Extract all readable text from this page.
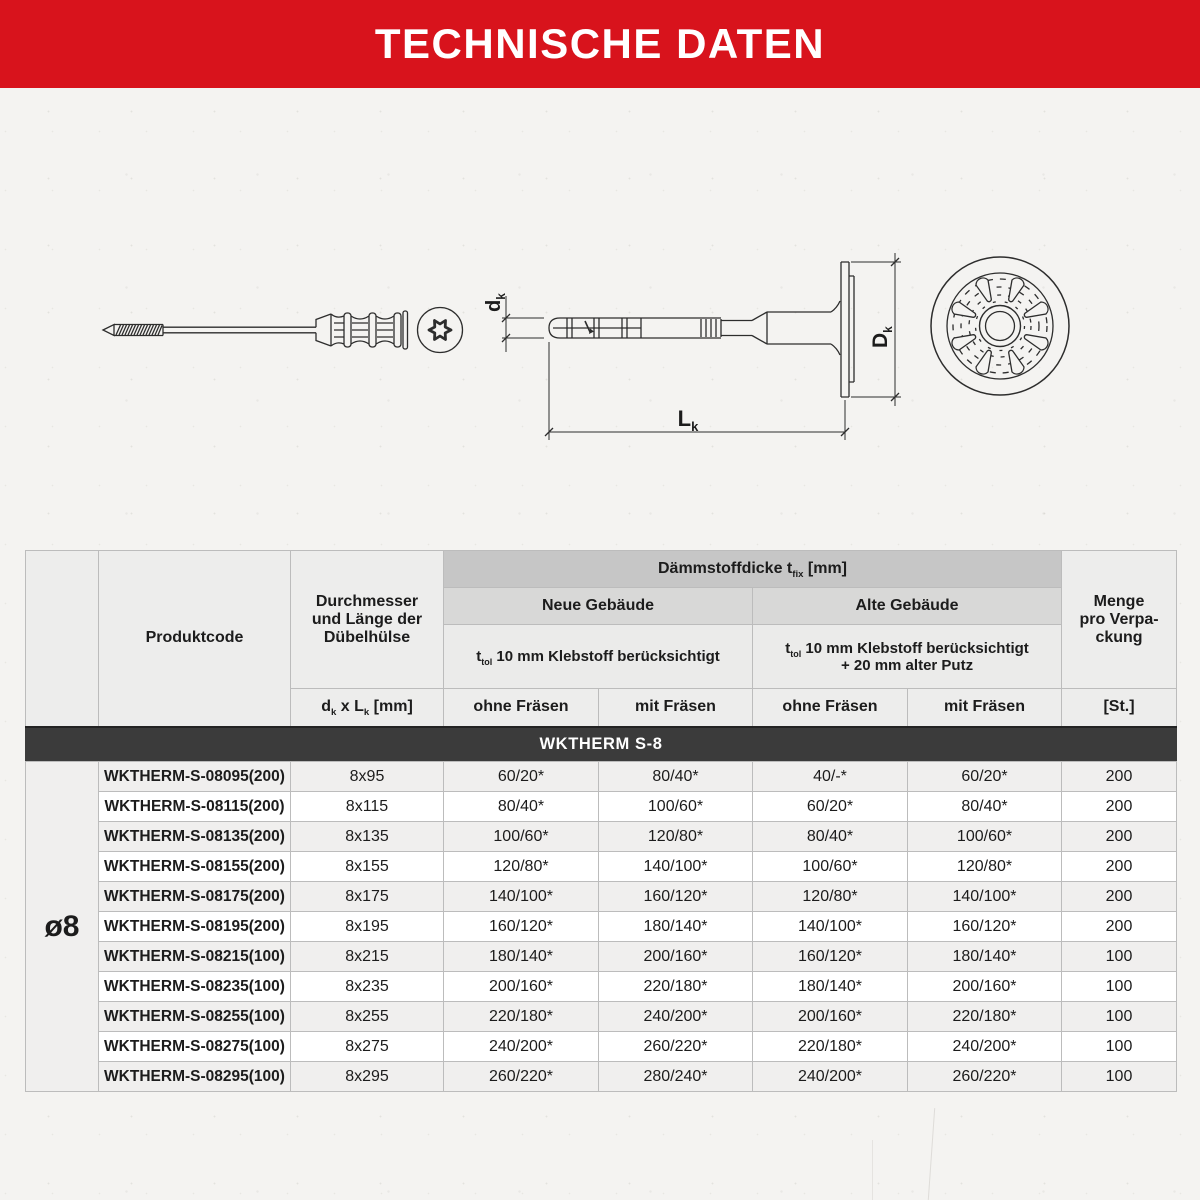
TECHNISCHE DATEN
$d_k$
$D_k$
$L_k$
	Produktcode	Durchmesser und Länge der Dübelhülse	Dämmstoffdicke $t_{fix}$ [mm]				Menge
pro Verpa-
ckung

			Neue Gebäude		Alte Gebäude		
			$t_{tol}$ 10 mm Klebstoff berücksichtigt		$t_{tol}$ 10 mm Klebstoff berücksichtigt
+ 20 mm alter Putz		

		$d_k$ x $L_k$ [mm]	ohne Fräsen	mit Fräsen	ohne Fräsen	mit Fräsen	[St.]
WKTHERM S-8							
ø8	WKTHERM-S-08095(200)	8x95	60/20*	80/40*	40/-*	60/20*	200
	WKTHERM-S-08115(200)	8x115	80/40*	100/60*	60/20*	80/40*	200
	WKTHERM-S-08135(200)	8x135	100/60*	120/80*	80/40*	100/60*	200
	WKTHERM-S-08155(200)	8x155	120/80*	140/100*	100/60*	120/80*	200
	WKTHERM-S-08175(200)	8x175	140/100*	160/120*	120/80*	140/100*	200
	WKTHERM-S-08195(200)	8x195	160/120*	180/140*	140/100*	160/120*	200
	WKTHERM-S-08215(100)	8x215	180/140*	200/160*	160/120*	180/140*	100
	WKTHERM-S-08235(100)	8x235	200/160*	220/180*	180/140*	200/160*	100
	WKTHERM-S-08255(100)	8x255	220/180*	240/200*	200/160*	220/180*	100
	WKTHERM-S-08275(100)	8x275	240/200*	260/220*	220/180*	240/200*	100
	WKTHERM-S-08295(100)	8x295	260/220*	280/240*	240/200*	260/220*	100
